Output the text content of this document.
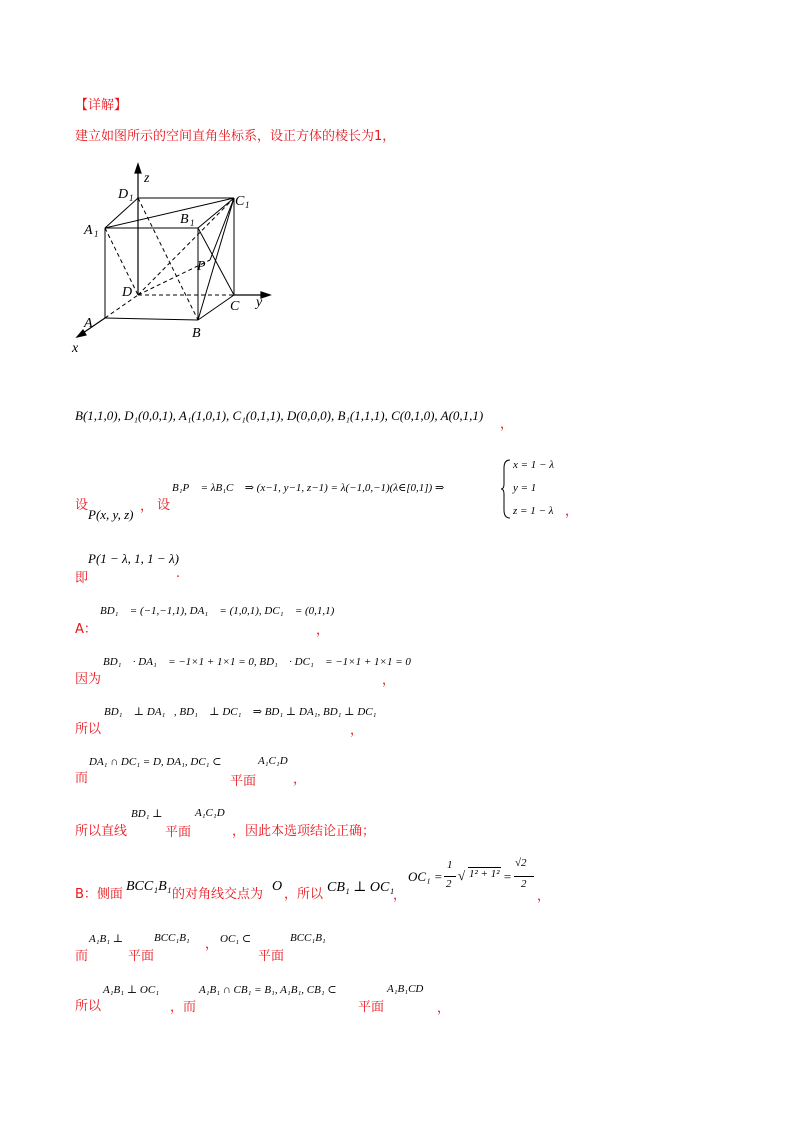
【详解】
建立如图所示的空间直角坐标系，设正方体的棱长为1，
z
D 1	C 1
A 1
B 1
P
D
C y
A
B
x
B(1,1,0), D₁(0,0,1), A₁(1,0,1), C₁(0,1,1), D(0,0,0), B₁(1,1,1), C(0,1,0), A(0,1,1)
，
设
P(x, y, z)
， 设
B₁P⃗ = λB₁C⃗ ⇒ (x−1, y−1, z−1) = λ(−1,0,−1)(λ∈[0,1]) ⇒
x = 1 − λ
y = 1
z = 1 − λ ，
即
P(1 − λ, 1, 1 − λ)
.
A：
BD₁⃗ = (−1,−1,1), DA₁⃗ = (1,0,1), DC₁⃗ = (0,1,1)
，
因为
BD₁⃗ · DA₁⃗ = −1×1 + 1×1 = 0, BD₁⃗ · DC₁⃗ = −1×1 + 1×1 = 0
，
所以
BD₁⃗ ⊥ DA₁⃗, BD₁⃗ ⊥ DC₁⃗ ⇒ BD₁ ⊥ DA₁, BD₁ ⊥ DC₁
，
而
DA₁ ∩ DC₁ = D, DA₁, DC₁ ⊂
平面
A₁C₁D
，
所以直线
BD₁ ⊥
平面
A₁C₁D
，因此本选项结论正确；
B：侧面
BCC₁B₁
的对角线交点为
O
，所以 CB₁ ⊥ OC₁
，
OC₁ =
1
2
√ 1² + 1² =
√2
2
，
而
A₁B₁ ⊥
平面
BCC₁B₁ ， OC₁ ⊂
平面
BCC₁B₁
所以
A₁B₁ ⊥ OC₁
，而
A₁B₁ ∩ CB₁ = B₁, A₁B₁, CB₁ ⊂
平面
A₁B₁CD
，
